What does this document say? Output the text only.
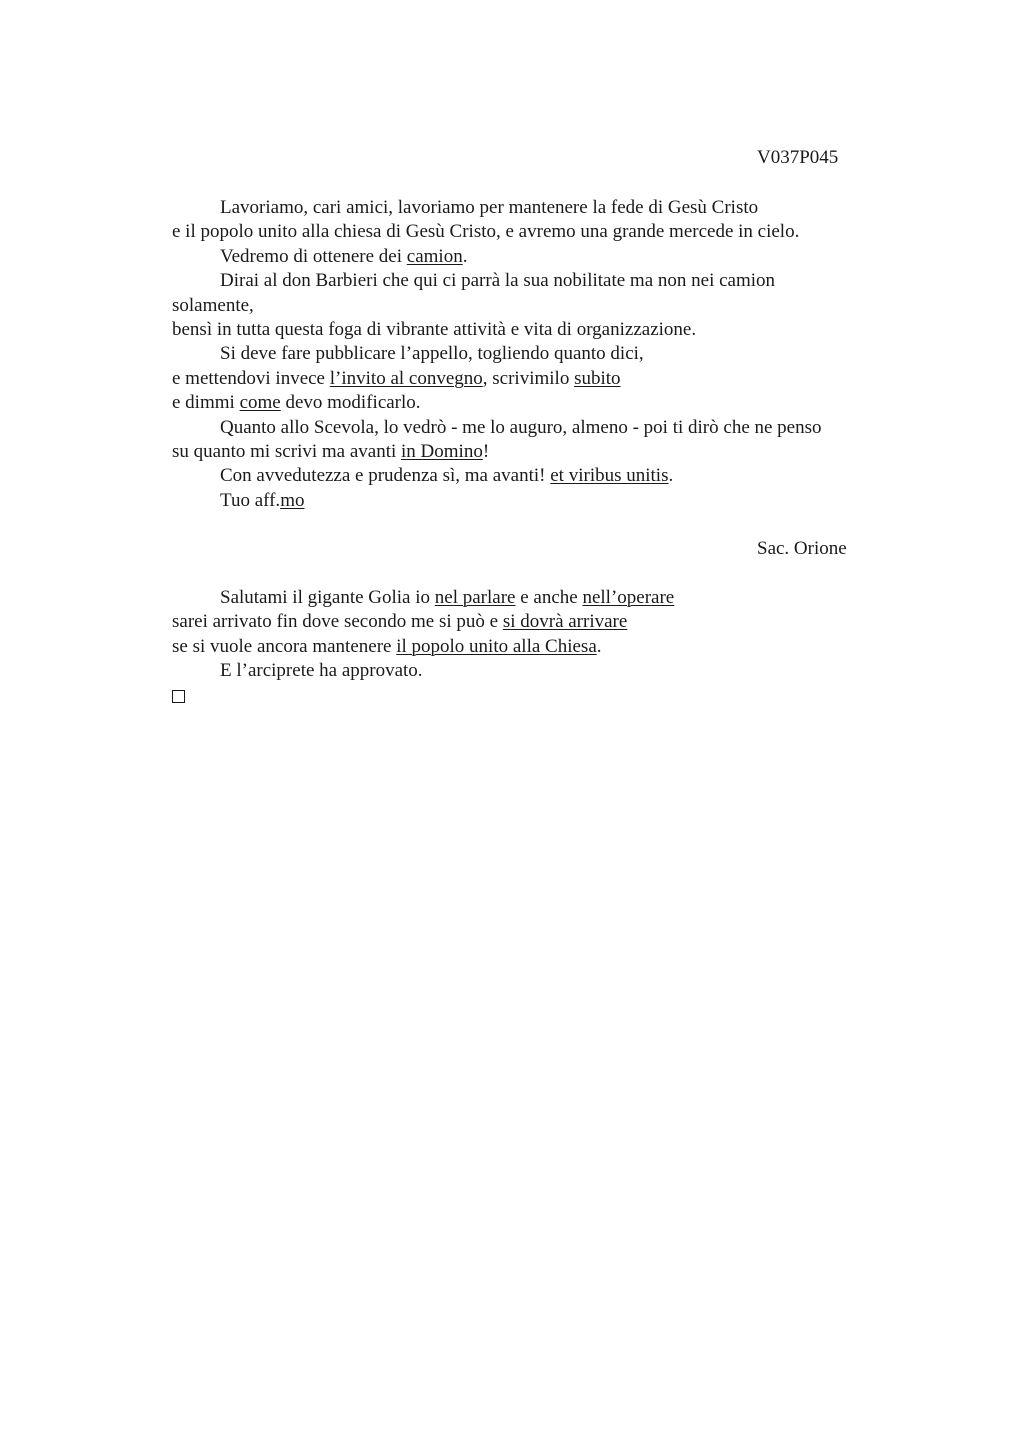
V037P045
Lavoriamo, cari amici, lavoriamo per mantenere la fede di Gesù Cristo
e il popolo unito alla chiesa di Gesù Cristo, e avremo una grande mercede in cielo.
Vedremo di ottenere dei camion.
Dirai al don Barbieri che qui ci parrà la sua nobilitate ma non nei camion
solamente,
bensì in tutta questa foga di vibrante attività e vita di organizzazione.
Si deve fare pubblicare l’appello, togliendo quanto dici,
e mettendovi invece l’invito al convegno, scrivimilo subito
e dimmi come devo modificarlo.
Quanto allo Scevola, lo vedrò - me lo auguro, almeno - poi ti dirò che ne penso
su quanto mi scrivi ma avanti in Domino!
Con avvedutezza e prudenza sì, ma avanti! et viribus unitis.
Tuo aff.mo
Sac. Orione
Salutami il gigante Golia io nel parlare e anche nell’operare
sarei arrivato fin dove secondo me si può e si dovrà arrivare
se si vuole ancora mantenere il popolo unito alla Chiesa.
E l’arciprete ha approvato.
